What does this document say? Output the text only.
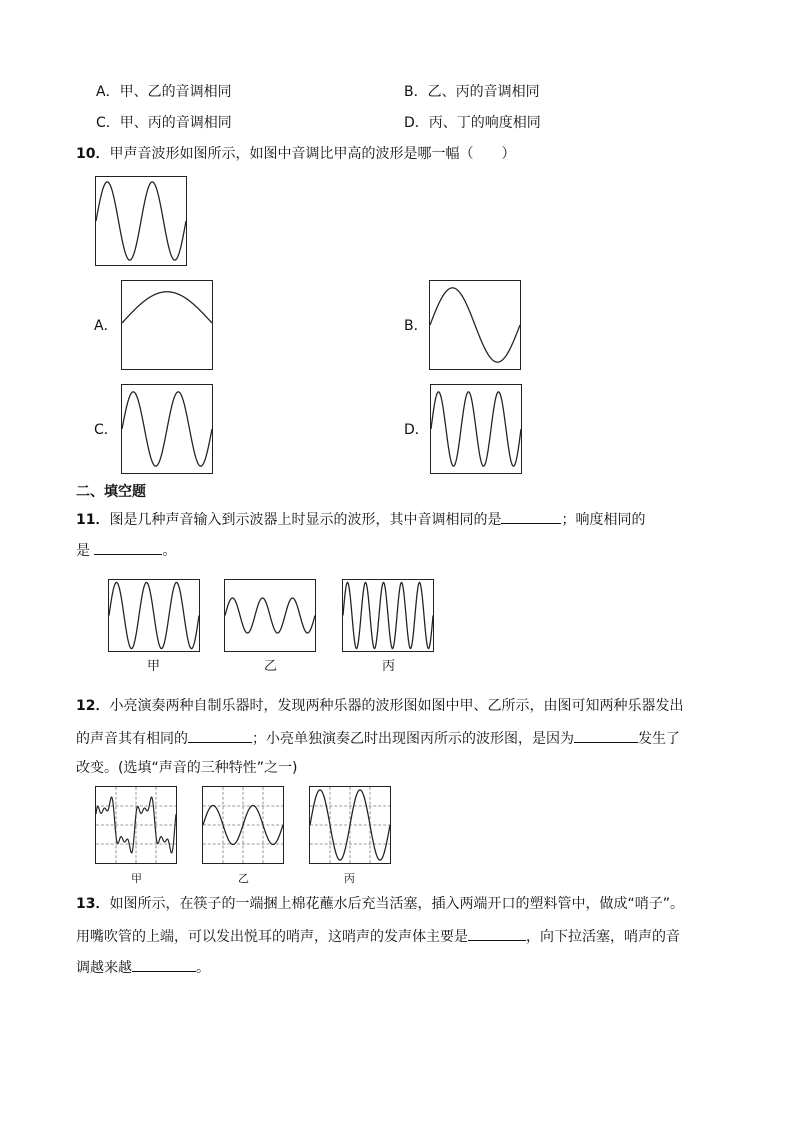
A．甲、乙的音调相同	B．乙、丙的音调相同
C．甲、丙的音调相同	D．丙、丁的响度相同
10．甲声音波形如图所示，如图中音调比甲高的波形是哪一幅（　　）
A．	B．
C．	D．
二、填空题
11．图是几种声音输入到示波器上时显示的波形，其中音调相同的是	；响度相同的
是	。
甲	乙	丙
12．小亮演奏两种自制乐器时，发现两种乐器的波形图如图中甲、乙所示，由图可知两种乐器发出
的声音其有相同的	；小亮单独演奏乙时出现图丙所示的波形图，是因为	发生了
改变。(选填“声音的三种特性”之一)
甲	乙	丙
13．如图所示，在筷子的一端捆上棉花蘸水后充当活塞，插入两端开口的塑料管中，做成“哨子”。
用嘴吹管的上端，可以发出悦耳的哨声，这哨声的发声体主要是	，向下拉活塞，哨声的音
调越来越	。
